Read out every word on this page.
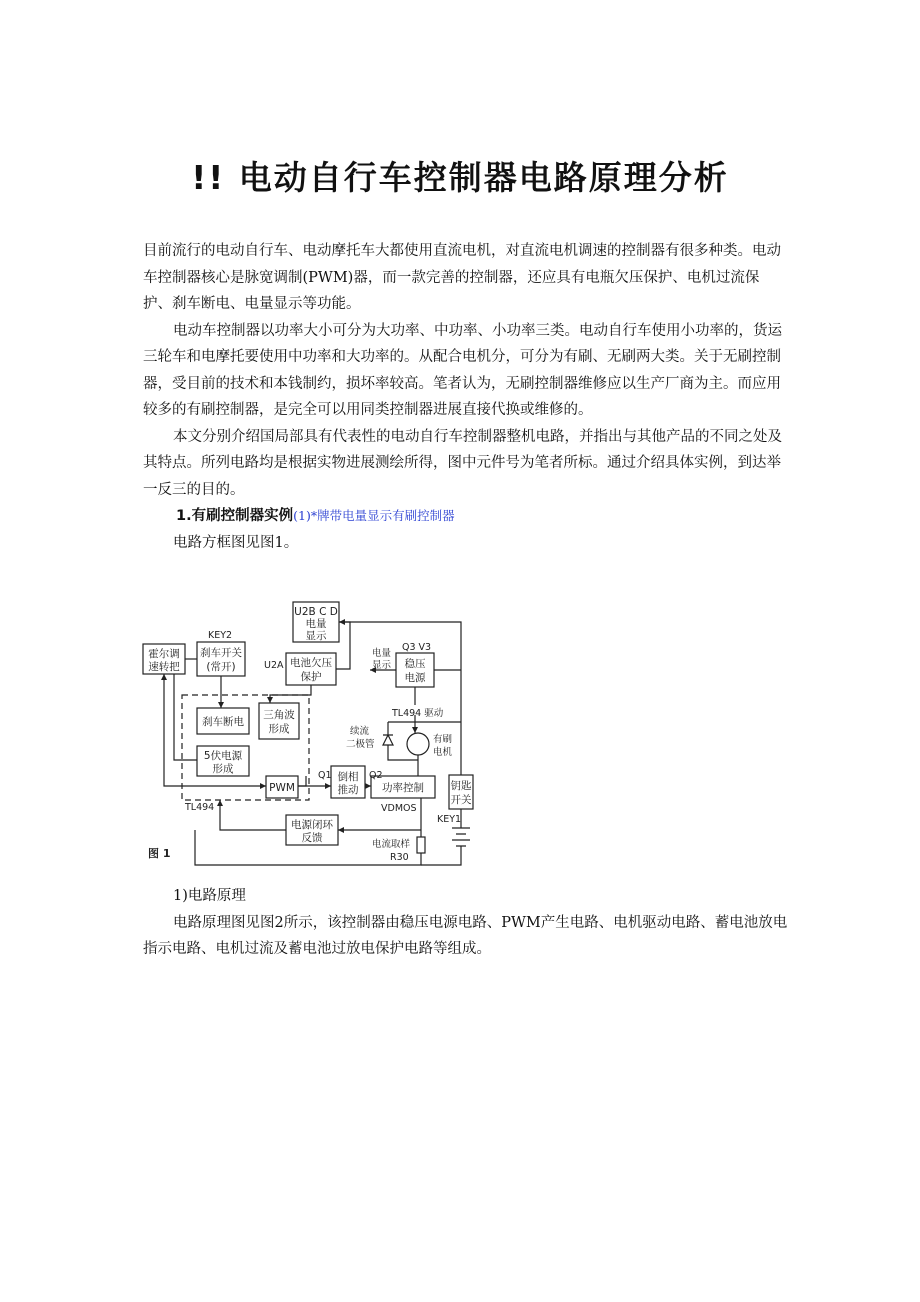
!! 电动自行车控制器电路原理分析

目前流行的电动自行车、电动摩托车大都使用直流电机，对直流电机调速的控制器有很多种类。电动车控制器核心是脉宽调制(PWM)器，而一款完善的控制器，还应具有电瓶欠压保护、电机过流保护、刹车断电、电量显示等功能。

电动车控制器以功率大小可分为大功率、中功率、小功率三类。电动自行车使用小功率的，货运三轮车和电摩托要使用中功率和大功率的。从配合电机分，可分为有刷、无刷两大类。关于无刷控制器，受目前的技术和本钱制约，损坏率较高。笔者认为，无刷控制器维修应以生产厂商为主。而应用较多的有刷控制器，是完全可以用同类控制器进展直接代换或维修的。

本文分别介绍国局部具有代表性的电动自行车控制器整机电路，并指出与其他产品的不同之处及其特点。所列电路均是根据实物进展测绘所得，图中元件号为笔者所标。通过介绍具体实例，到达举一反三的目的。

1.有刷控制器实例(1)*牌带电量显示有刷控制器

电路方框图见图1。

霍尔调
速转把
刹车开关
(常开)
刹车断电
5伏电源
形成
三角波
形成
PWM
电池欠压
保护
U2B C D
电量
显示
稳压
电源
倒相
推动 功率控制	钥匙
开关
电源闭环
反馈
KEY2
U2A
Q3 V3
电量
显示
TL494 驱动
续流
二极管	有刷
电机
Q1	Q2
TL494	VDMOS
KEY1
电流取样
R30
图 1

1)电路原理

电路原理图见图2所示，该控制器由稳压电源电路、PWM产生电路、电机驱动电路、蓄电池放电指示电路、电机过流及蓄电池过放电保护电路等组成。
